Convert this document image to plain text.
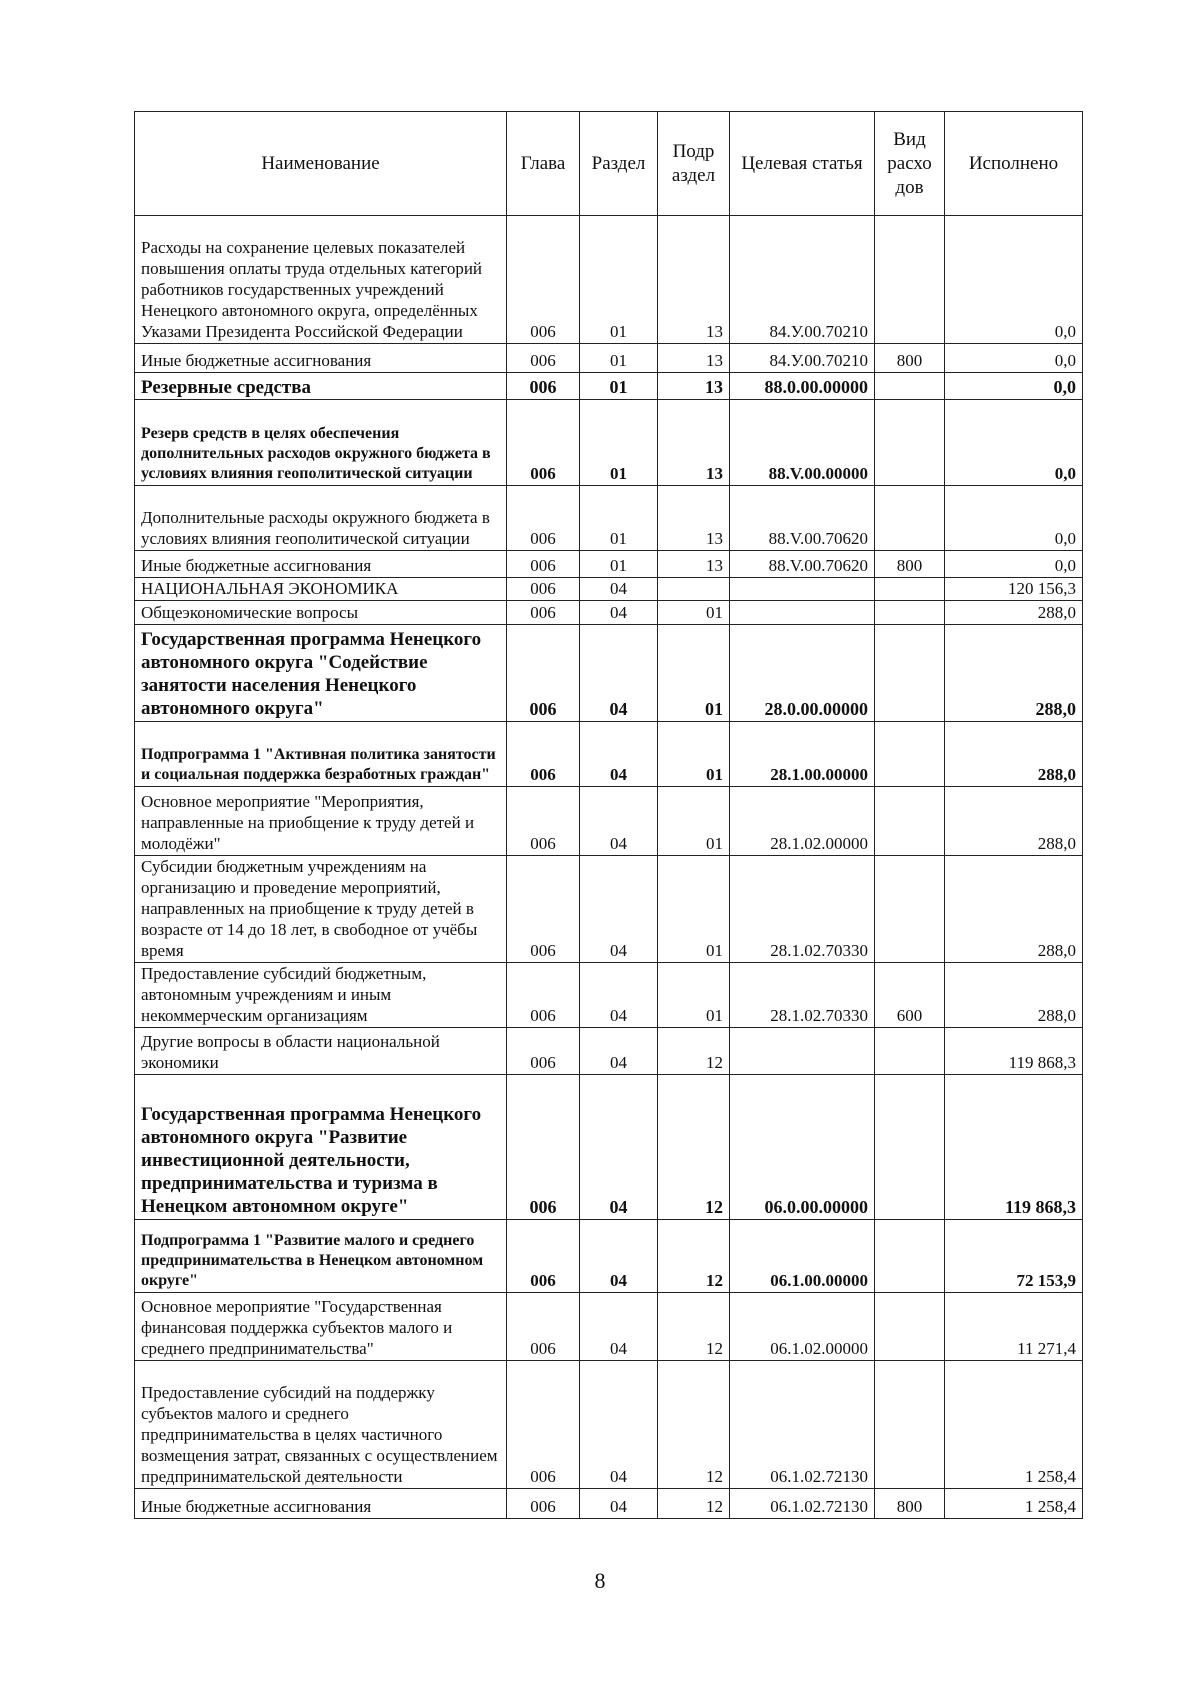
Наименование	Глава	Раздел	Подр аздел	Целевая статья	Вид расхо дов	Исполнено
Расходы на сохранение целевых показателей повышения оплаты труда отдельных категорий работников государственных учреждений Ненецкого автономного округа, определённых Указами Президента Российской Федерации	006	01	13	84.У.00.70210		0,0
Иные бюджетные ассигнования	006	01	13	84.У.00.70210	800	0,0
Резервные средства	006	01	13	88.0.00.00000		0,0
Резерв средств в целях обеспечения дополнительных расходов окружного бюджета в условиях влияния геополитической ситуации	006	01	13	88.V.00.00000		0,0
Дополнительные расходы окружного бюджета в условиях влияния геополитической ситуации	006	01	13	88.V.00.70620		0,0
Иные бюджетные ассигнования	006	01	13	88.V.00.70620	800	0,0
НАЦИОНАЛЬНАЯ ЭКОНОМИКА	006	04				120 156,3
Общеэкономические вопросы	006	04	01			288,0
Государственная программа Ненецкого автономного округа "Содействие занятости населения Ненецкого автономного округа"	006	04	01	28.0.00.00000		288,0
Подпрограмма 1 "Активная политика занятости и социальная поддержка безработных граждан"	006	04	01	28.1.00.00000		288,0
Основное мероприятие "Мероприятия, направленные на приобщение к труду детей и молодёжи"	006	04	01	28.1.02.00000		288,0
Субсидии бюджетным учреждениям на организацию и проведение мероприятий, направленных на приобщение к труду детей в возрасте от 14 до 18 лет, в свободное от учёбы время	006	04	01	28.1.02.70330		288,0
Предоставление субсидий бюджетным, автономным учреждениям и иным некоммерческим организациям	006	04	01	28.1.02.70330	600	288,0
Другие вопросы в области национальной экономики	006	04	12			119 868,3
Государственная программа Ненецкого автономного округа "Развитие инвестиционной деятельности, предпринимательства и туризма в Ненецком автономном округе"	006	04	12	06.0.00.00000		119 868,3
Подпрограмма 1 "Развитие малого и среднего предпринимательства в Ненецком автономном округе"	006	04	12	06.1.00.00000		72 153,9
Основное мероприятие "Государственная финансовая поддержка субъектов малого и среднего предпринимательства"	006	04	12	06.1.02.00000		11 271,4
Предоставление субсидий на поддержку субъектов малого и среднего предпринимательства в целях частичного возмещения затрат, связанных с осуществлением предпринимательской деятельности	006	04	12	06.1.02.72130		1 258,4
Иные бюджетные ассигнования	006	04	12	06.1.02.72130	800	1 258,4
8
